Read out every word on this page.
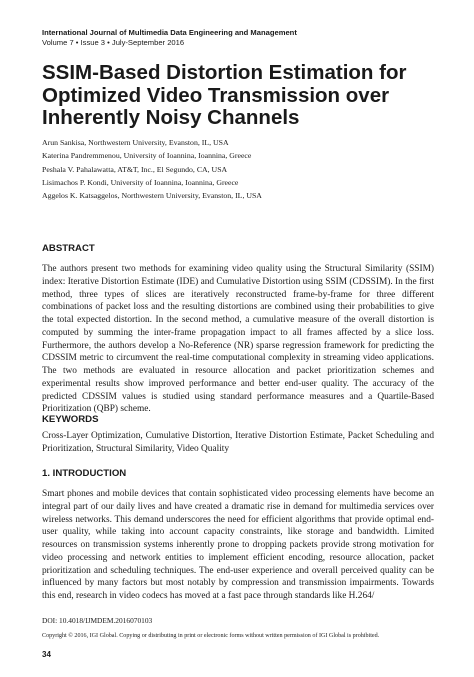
International Journal of Multimedia Data Engineering and Management
Volume 7 • Issue 3 • July-September 2016
SSIM-Based Distortion Estimation for Optimized Video Transmission over Inherently Noisy Channels
Arun Sankisa, Northwestern University, Evanston, IL, USA
Katerina Pandremmenou, University of Ioannina, Ioannina, Greece
Peshala V. Pahalawatta, AT&T, Inc., El Segundo, CA, USA
Lisimachos P. Kondi, University of Ioannina, Ioannina, Greece
Aggelos K. Katsaggelos, Northwestern University, Evanston, IL, USA
ABSTRACT

The authors present two methods for examining video quality using the Structural Similarity (SSIM) index: Iterative Distortion Estimate (IDE) and Cumulative Distortion using SSIM (CDSSIM). In the first method, three types of slices are iteratively reconstructed frame-by-frame for three different combinations of packet loss and the resulting distortions are combined using their probabilities to give the total expected distortion. In the second method, a cumulative measure of the overall distortion is computed by summing the inter-frame propagation impact to all frames affected by a slice loss. Furthermore, the authors develop a No-Reference (NR) sparse regression framework for predicting the CDSSIM metric to circumvent the real-time computational complexity in streaming video applications. The two methods are evaluated in resource allocation and packet prioritization schemes and experimental results show improved performance and better end-user quality. The accuracy of the predicted CDSSIM values is studied using standard performance measures and a Quartile-Based Prioritization (QBP) scheme.

KEYWORDS

Cross-Layer Optimization, Cumulative Distortion, Iterative Distortion Estimate, Packet Scheduling and Prioritization, Structural Similarity, Video Quality

1. INTRODUCTION

Smart phones and mobile devices that contain sophisticated video processing elements have become an integral part of our daily lives and have created a dramatic rise in demand for multimedia services over wireless networks. This demand underscores the need for efficient algorithms that provide optimal end-user quality, while taking into account capacity constraints, like storage and bandwidth. Limited resources on transmission systems inherently prone to dropping packets provide strong motivation for video processing and network entities to implement efficient encoding, resource allocation, packet prioritization and scheduling techniques. The end-user experience and overall perceived quality can be influenced by many factors but most notably by compression and transmission impairments. Towards this end, research in video codecs has moved at a fast pace through standards like H.264/

DOI: 10.4018/IJMDEM.2016070103
Copyright © 2016, IGI Global. Copying or distributing in print or electronic forms without written permission of IGI Global is prohibited.
34
